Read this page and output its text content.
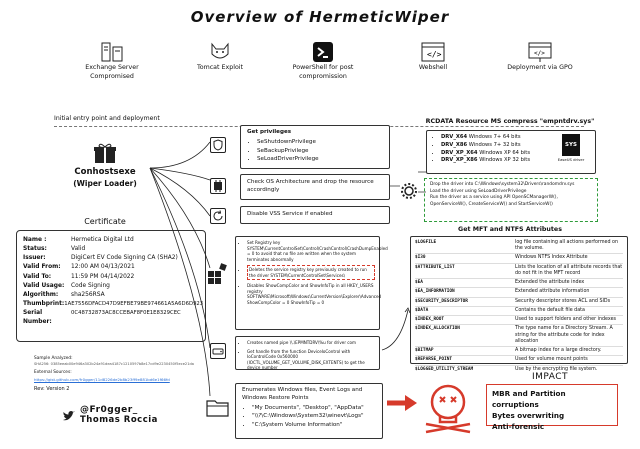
Overview of HermeticWiper
Exchange Server
Compromised
Tomcat Exploit	PowerShell for post
compromission
</>
Webshell
</>
Deployment via GPO
Initial entry point and deployment
Conhostsexe
(Wiper Loader)
Certificate
Name :	Hermetica Digital Ltd
Status:	Valid
Issuer:	DigiCert EV Code Signing CA (SHA2)
Valid From:	12:00 AM 04/13/2021
Valid To:	11:59 PM 04/14/2022
Valid Usage:	Code Signing
Algorithm:	sha256RSA
Thumbprint: 1AE7556DFACD47D9EFBE79BE974661A5A6D6D923
Serial Number:
0C48732873AC8CCEBAF8F0E1E8329CEC
Sample Analyzed:
SHA256: 0385eeab00e946a302b24a91dea4187c1210597b8e17cd9e2230450f5ece21da
External Sources:
https://gist.github.com/fr0gger/11d8226de2b8b23ff9e881bd6e1f66fd
Rev: Version 2
@Fr0gger_
Thomas Roccia
Get privileges
• SeShutdownPrivilege
• SeBackupPrivilege
• SeLoadDriverPrivilege
Check OS Architecture and drop the resource accordingly
Disable VSS Service if enabled
• Set Registry key SYSTEM\CurrentControlSet\Control\CrashControl\CrashDumpEnabled = 0 to avoid that no file are written when the system terminates abnormally
• Deletes the service registry key previously created to run the driver SYSTEM\CurrentControlSet\Services\
• Disables ShowCompColor and ShowInfoTip in all HKEY_USERS registry SOFTWARE\Microsoft\Windows\CurrentVersion\Explorer\Advanced ShowCompColor = 0 ShowInfoTip = 0
• Creates named pipe \\.\EPMNTDRV\%u for driver com
• Get handle from the function DeviceIoControl with IoControlCode 0x560000 (IOCTL_VOLUME_GET_VOLUME_DISK_EXTENTS) to get the device number
Enumerates Windows files, Event Logs and Windows Restore Points
• "My Documents", "Desktop", "AppData"
• "\\?\C:\Windows\System32\winevt\Logs"
• "C:\System Volume Information"
RCDATA Resource MS compress "empntdrv.sys"
• DRV_X64 Windows 7+ 64 bits
• DRV_X86 Windows 7+ 32 bits
• DRV_XP_X64 Windows XP 64 bits
• DRV_XP_X86 Windows XP 32 bits
SYS
EaseUS driver
Drop the driver into C:\Windows\system32\Drivers\randomdrv.sys
Load the driver using SeLoadDriverPrivilege
Run the driver as a service using API OpenSCManagerW(), OpenServiceW(), CreateServiceW() and StartServiceW()
Get MFT and NTFS Attributes
$LOGFILE	log file containing all actions performed on the volume.
$I30	Windows NTFS Index Attribute
$ATTRIBUTE_LIST	Lists the location of all attribute records that do not fit in the MFT record
$EA	Extended the attribute index
$EA_INFORMATION	Extended attribute information
$SECURITY_DESCRIPTOR	Security descriptor stores ACL and SIDs
$DATA	Contains the default file data
$INDEX_ROOT	Used to support folders and other indexes
$INDEX_ALLOCATION	The type name for a Directory Stream. A string for the attribute code for index allocation
$BITMAP	A bitmap index for a large directory.
$REPARSE_POINT	Used for volume mount points
$LOGGED_UTILITY_STREAM	Use by the encrypting file system.
IMPACT
MBR and Partition corruptions
Bytes overwriting
Anti-forensic
